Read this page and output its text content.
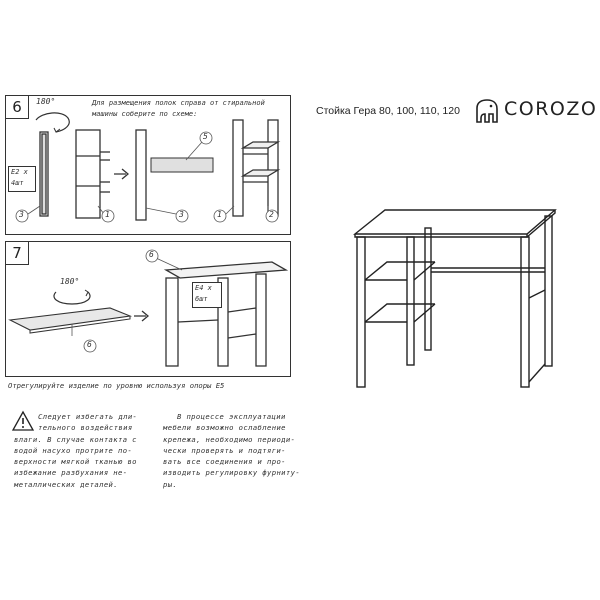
6	180°	Для размещения полок справа от стиральной
машины соберите по схеме:
E2 x
4шт
3	1
5
3	1	2
7
180°
E4 x
6шт
6
6
Стойка Гера 80, 100, 110, 120 COROZO
Отрегулируйте изделие по уровню используя опоры E5
Следует избегать дли-
тельного воздействия
влаги. В случае контакта с
водой насухо протрите по-
верхности мягкой тканью во
избежание разбухания не-
металлических деталей.
В процессе эксплуатации
мебели возможно ослабление
крепежа, необходимо периоди-
чески проверять и подтяги-
вать все соединения и про-
изводить регулировку фурниту-
ры.
